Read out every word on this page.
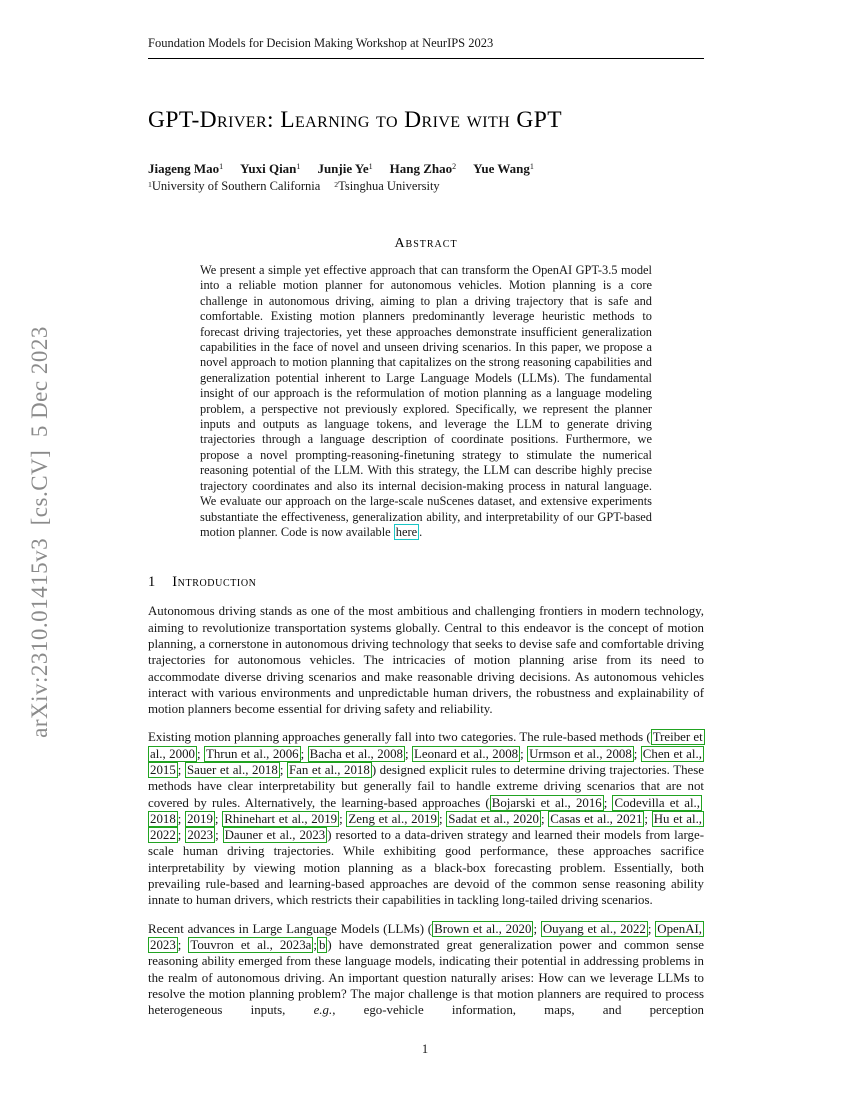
arXiv:2310.01415v3  [cs.CV]  5 Dec 2023
Foundation Models for Decision Making Workshop at NeurIPS 2023
GPT-Driver: Learning to Drive with GPT
Jiageng Mao$^1$ Yuxi Qian$^1$ Junjie Ye$^1$ Hang Zhao$^2$ Yue Wang$^1$
$^1$University of Southern California $^2$Tsinghua University
Abstract
We present a simple yet effective approach that can transform the OpenAI GPT-3.5 model into a reliable motion planner for autonomous vehicles. Motion planning is a core challenge in autonomous driving, aiming to plan a driving trajectory that is safe and comfortable. Existing motion planners predominantly leverage heuristic methods to forecast driving trajectories, yet these approaches demonstrate insufficient generalization capabilities in the face of novel and unseen driving scenarios. In this paper, we propose a novel approach to motion planning that capitalizes on the strong reasoning capabilities and generalization potential inherent to Large Language Models (LLMs). The fundamental insight of our approach is the reformulation of motion planning as a language modeling problem, a perspective not previously explored. Specifically, we represent the planner inputs and outputs as language tokens, and leverage the LLM to generate driving trajectories through a language description of coordinate positions. Furthermore, we propose a novel prompting-reasoning-finetuning strategy to stimulate the numerical reasoning potential of the LLM. With this strategy, the LLM can describe highly precise trajectory coordinates and also its internal decision-making process in natural language. We evaluate our approach on the large-scale nuScenes dataset, and extensive experiments substantiate the effectiveness, generalization ability, and interpretability of our GPT-based motion planner. Code is now available here .
1 Introduction

Autonomous driving stands as one of the most ambitious and challenging frontiers in modern technology, aiming to revolutionize transportation systems globally. Central to this endeavor is the concept of motion planning, a cornerstone in autonomous driving technology that seeks to devise safe and comfortable driving trajectories for autonomous vehicles. The intricacies of motion planning arise from its need to accommodate diverse driving scenarios and make reasonable driving decisions. As autonomous vehicles interact with various environments and unpredictable human drivers, the robustness and explainability of motion planners become essential for driving safety and reliability.

Existing motion planning approaches generally fall into two categories. The rule-based methods ( Treiber et al., 2000 ; Thrun et al., 2006 ; Bacha et al., 2008 ; Leonard et al., 2008 ; Urmson et al., 2008 ; Chen et al., 2015 ; Sauer et al., 2018 ; Fan et al., 2018 ) designed explicit rules to determine driving trajectories. These methods have clear interpretability but generally fail to handle extreme driving scenarios that are not covered by rules. Alternatively, the learning-based approaches ( Bojarski et al., 2016 ; Codevilla et al., 2018 ; 2019 ; Rhinehart et al., 2019 ; Zeng et al., 2019 ; Sadat et al., 2020 ; Casas et al., 2021 ; Hu et al., 2022 ; 2023 ; Dauner et al., 2023 ) resorted to a data-driven strategy and learned their models from large-scale human driving trajectories. While exhibiting good performance, these approaches sacrifice interpretability by viewing motion planning as a black-box forecasting problem. Essentially, both prevailing rule-based and learning-based approaches are devoid of the common sense reasoning ability innate to human drivers, which restricts their capabilities in tackling long-tailed driving scenarios.

Recent advances in Large Language Models (LLMs) ( Brown et al., 2020 ; Ouyang et al., 2022 ; OpenAI, 2023 ; Touvron et al., 2023a ; b ) have demonstrated great generalization power and common sense reasoning ability emerged from these language models, indicating their potential in addressing problems in the realm of autonomous driving. An important question naturally arises: How can we leverage LLMs to resolve the motion planning problem? The major challenge is that motion planners are required to process heterogeneous inputs, e.g., ego-vehicle information, maps, and perception

1
